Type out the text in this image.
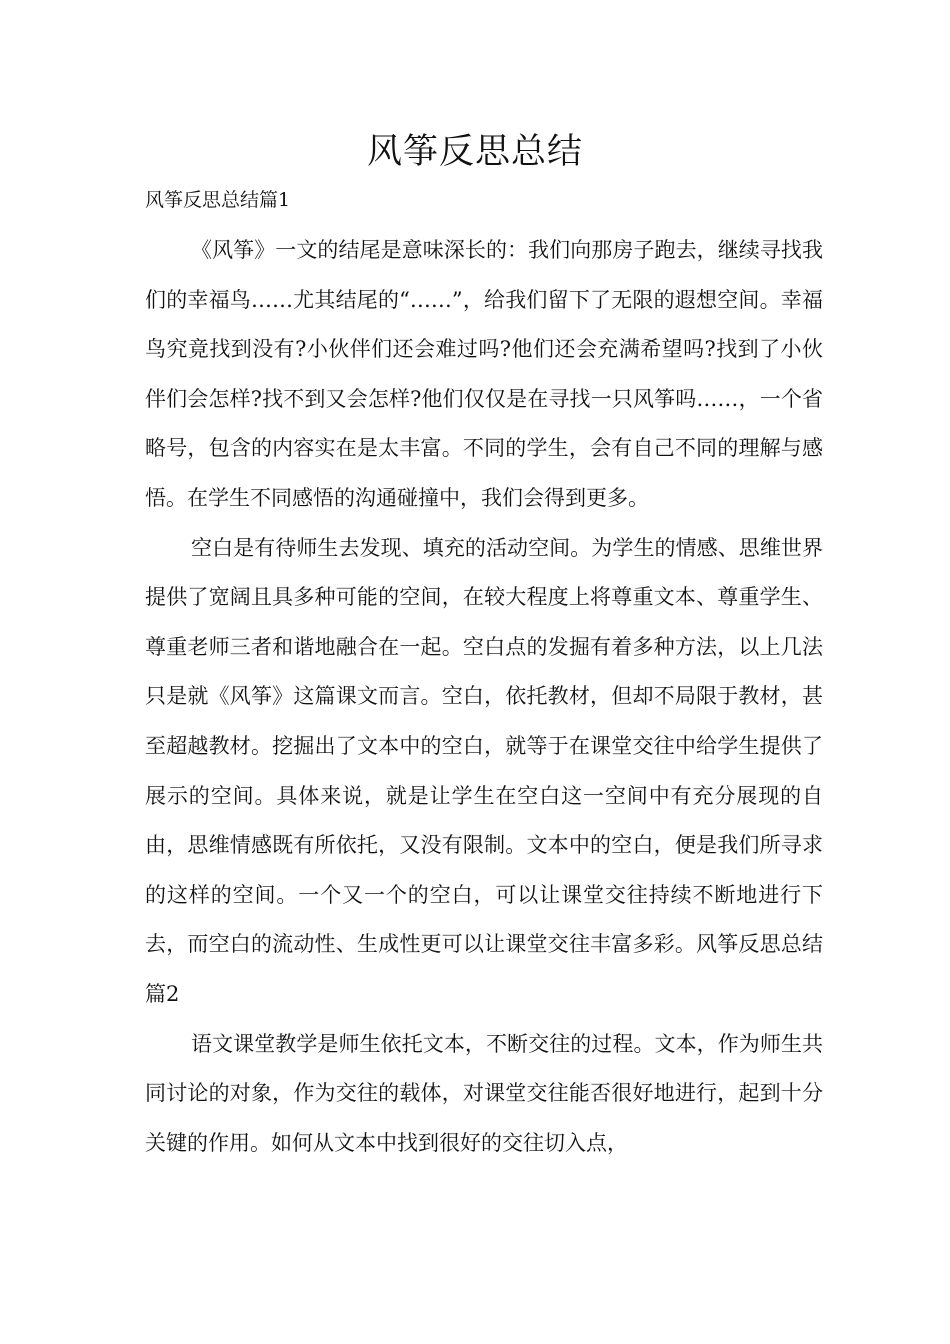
风筝反思总结
风筝反思总结篇1

《风筝》一文的结尾是意味深长的：我们向那房子跑去，继续寻找我们的幸福鸟……尤其结尾的“……”，给我们留下了无限的遐想空间。幸福鸟究竟找到没有?小伙伴们还会难过吗?他们还会充满希望吗?找到了小伙伴们会怎样?找不到又会怎样?他们仅仅是在寻找一只风筝吗……，一个省略号，包含的内容实在是太丰富。不同的学生，会有自己不同的理解与感悟。在学生不同感悟的沟通碰撞中，我们会得到更多。

空白是有待师生去发现、填充的活动空间。为学生的情感、思维世界提供了宽阔且具多种可能的空间，在较大程度上将尊重文本、尊重学生、尊重老师三者和谐地融合在一起。空白点的发掘有着多种方法，以上几法只是就《风筝》这篇课文而言。空白，依托教材，但却不局限于教材，甚至超越教材。挖掘出了文本中的空白，就等于在课堂交往中给学生提供了展示的空间。具体来说，就是让学生在空白这一空间中有充分展现的自由，思维情感既有所依托，又没有限制。文本中的空白，便是我们所寻求的这样的空间。一个又一个的空白，可以让课堂交往持续不断地进行下去，而空白的流动性、生成性更可以让课堂交往丰富多彩。风筝反思总结篇2

语文课堂教学是师生依托文本，不断交往的过程。文本，作为师生共同讨论的对象，作为交往的载体，对课堂交往能否很好地进行，起到十分关键的作用。如何从文本中找到很好的交往切入点，
